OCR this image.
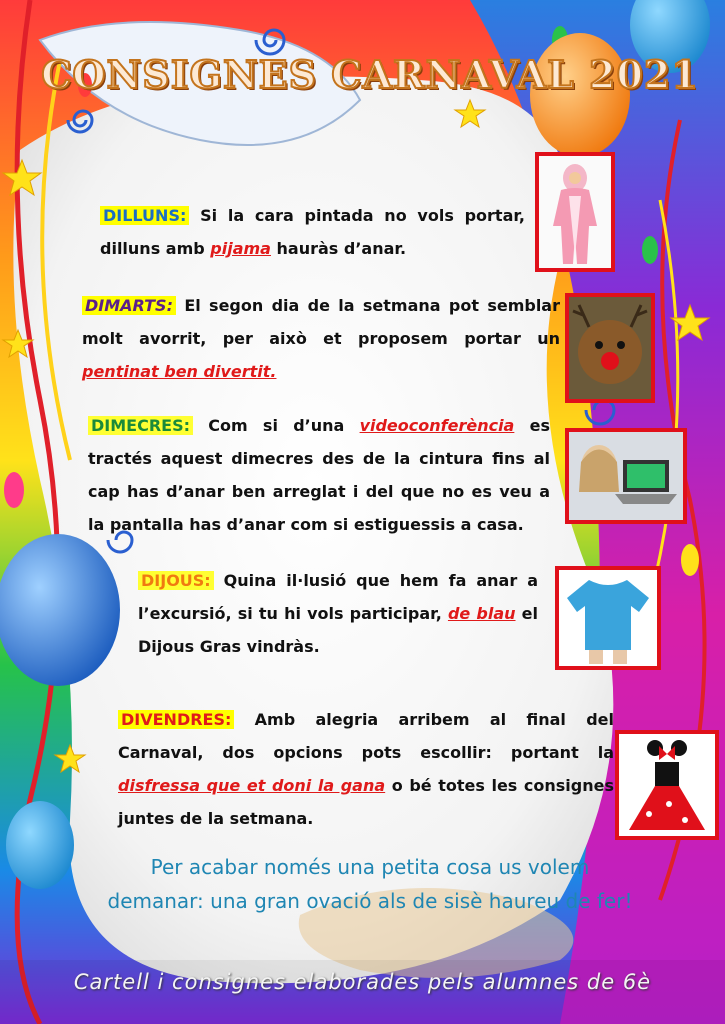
CONSIGNES CARNAVAL 2021
DILLUNS: Si la cara pintada no vols portar, dilluns amb pijama hauràs d’anar.
DIMARTS: El segon dia de la setmana pot semblar molt avorrit, per això et proposem portar un pentinat ben divertit.
DIMECRES: Com si d’una videoconferència es tractés aquest dimecres des de la cintura fins al cap has d’anar ben arreglat i del que no es veu a la pantalla has d’anar com si estiguessis a casa.
DIJOUS: Quina il·lusió que hem fa anar a l’excursió, si tu hi vols participar, de blau el Dijous Gras vindràs.
DIVENDRES: Amb alegria arribem al final del Carnaval, dos opcions pots escollir: portant la disfressa que et doni la gana o bé totes les consignes juntes de la setmana.
Per acabar només una petita cosa us volem demanar: una gran ovació als de sisè haureu de fer!
Cartell i consignes elaborades pels alumnes de 6è
